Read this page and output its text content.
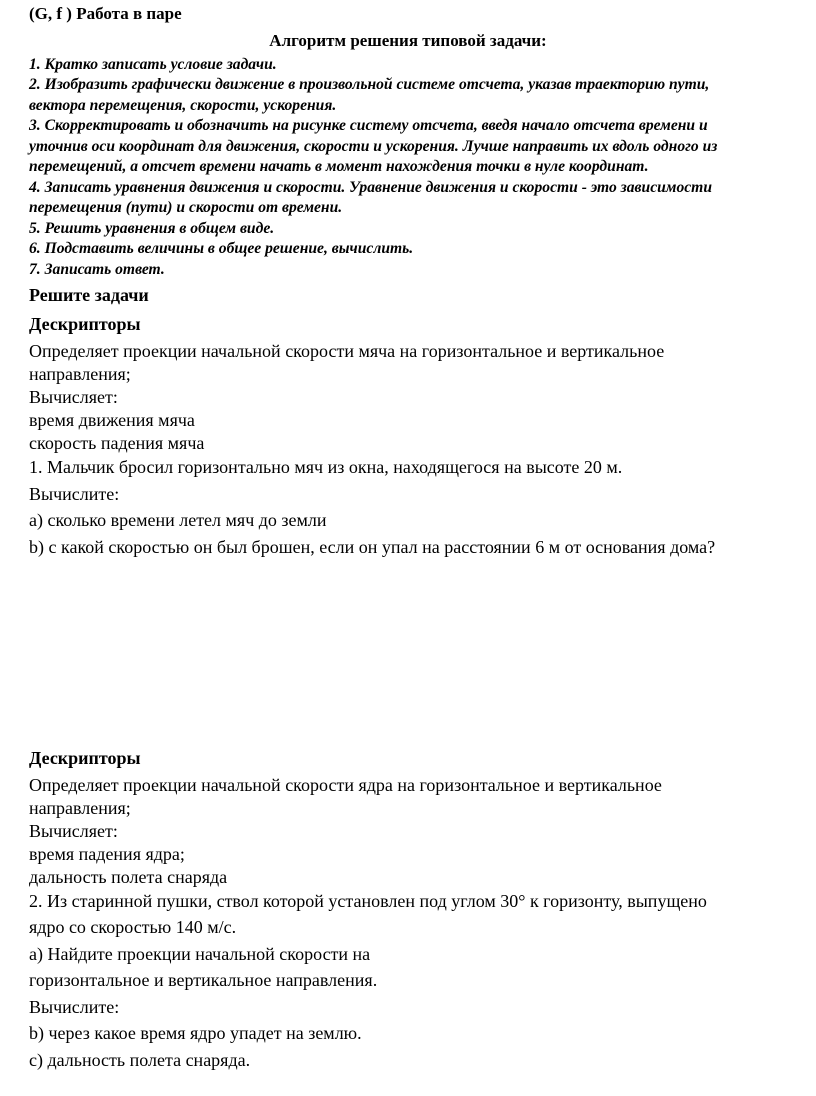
(G, f ) Работа в паре
Алгоритм решения типовой задачи:
1. Кратко записать условие задачи.
2. Изобразить графически движение в произвольной системе отсчета, указав траекторию пути,
вектора перемещения, скорости, ускорения.
3. Скорректировать и обозначить на рисунке систему отсчета, введя начало отсчета времени и
уточнив оси координат для движения, скорости и ускорения. Лучше направить их вдоль одного из
перемещений, а отсчет времени начать в момент нахождения точки в нуле координат.
4. Записать уравнения движения и скорости. Уравнение движения и скорости - это зависимости
перемещения (пути) и скорости от времени.
5. Решить уравнения в общем виде.
6. Подставить величины в общее решение, вычислить.
7. Записать ответ.
Решите задачи
Дескрипторы
Определяет проекции начальной скорости мяча на горизонтальное и вертикальное
направления;
Вычисляет:
время движения мяча
скорость падения мяча
1. Мальчик бросил горизонтально мяч из окна, находящегося на высоте 20 м.
Вычислите:
а) сколько времени летел мяч до земли
b) с какой скоростью он был брошен, если он упал на расстоянии 6 м от основания дома?
Дескрипторы
Определяет проекции начальной скорости ядра на горизонтальное и вертикальное
направления;
Вычисляет:
время падения ядра;
дальность полета снаряда
2. Из старинной пушки, ствол которой установлен под углом 30° к горизонту, выпущено
ядро со скоростью 140 м/с.
а) Найдите проекции начальной скорости на
горизонтальное и вертикальное направления.
Вычислите:
b) через какое время ядро упадет на землю.
c) дальность полета снаряда.
